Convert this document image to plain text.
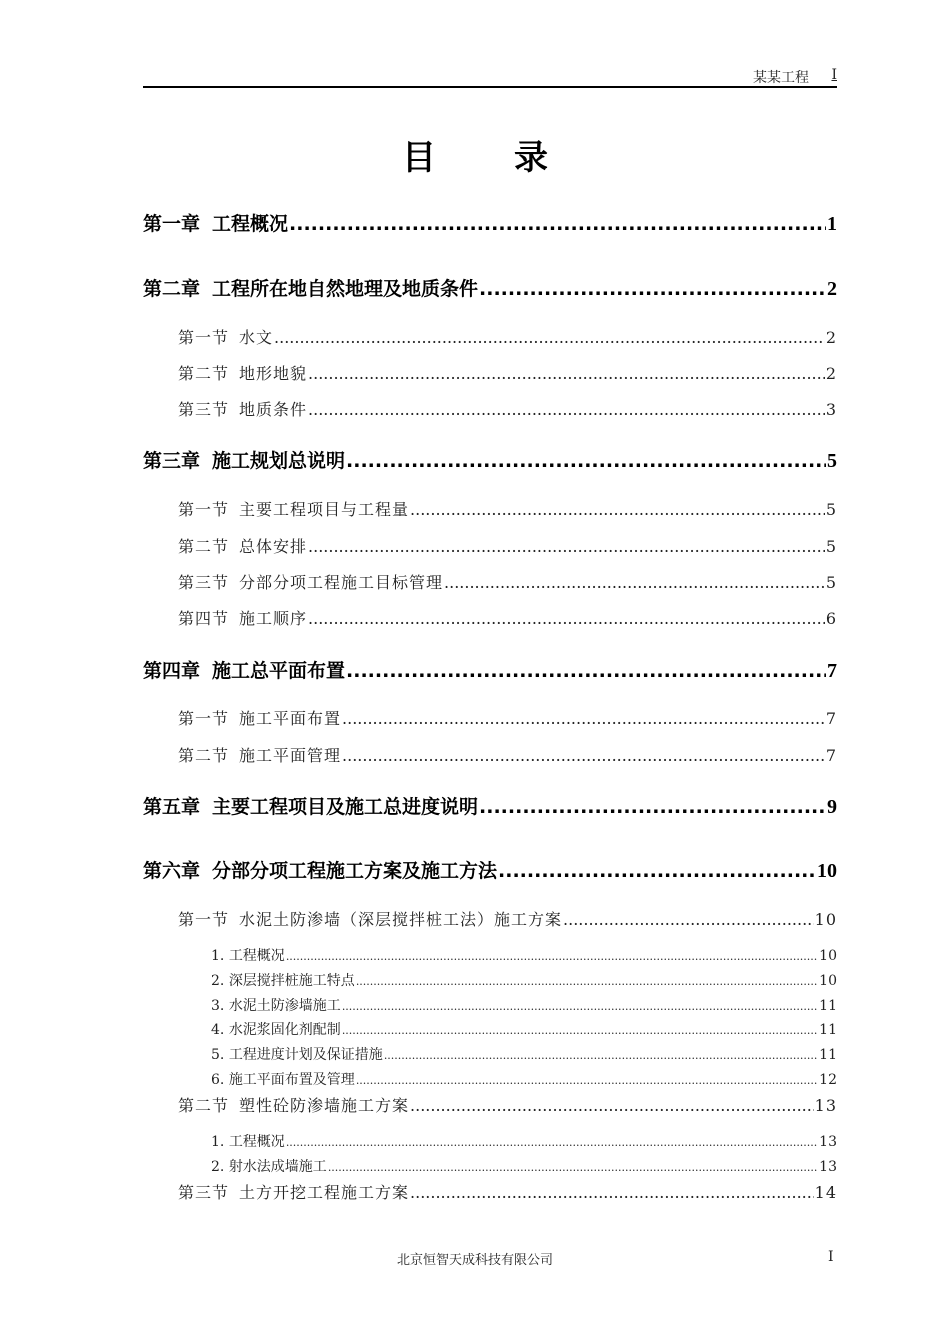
某某工程 I
目录
第一章 工程概况 .....	1
第二章 工程所在地自然地理及地质条件 .....	2
第一节 水文 .....	2
第二节 地形地貌 .....	2
第三节 地质条件 .....	3
第三章 施工规划总说明 .....	5
第一节 主要工程项目与工程量 .....	5
第二节 总体安排 .....	5
第三节 分部分项工程施工目标管理 .....	5
第四节 施工顺序 .....	6
第四章 施工总平面布置 .....	7
第一节 施工平面布置 .....	7
第二节 施工平面管理 .....	7
第五章 主要工程项目及施工总进度说明 .....	9
第六章 分部分项工程施工方案及施工方法 .....	10
第一节 水泥土防渗墙（深层搅拌桩工法）施工方案 .....	10
1. 工程概况 .....	10
2. 深层搅拌桩施工特点 .....	10
3. 水泥土防渗墙施工 .....	11
4. 水泥浆固化剂配制 .....	11
5. 工程进度计划及保证措施 .....	11
6. 施工平面布置及管理 .....	12
第二节 塑性砼防渗墙施工方案 .....	13
1. 工程概况 .....	13
2. 射水法成墙施工 .....	13
第三节 土方开挖工程施工方案 .....	14
北京恒智天成科技有限公司	I
